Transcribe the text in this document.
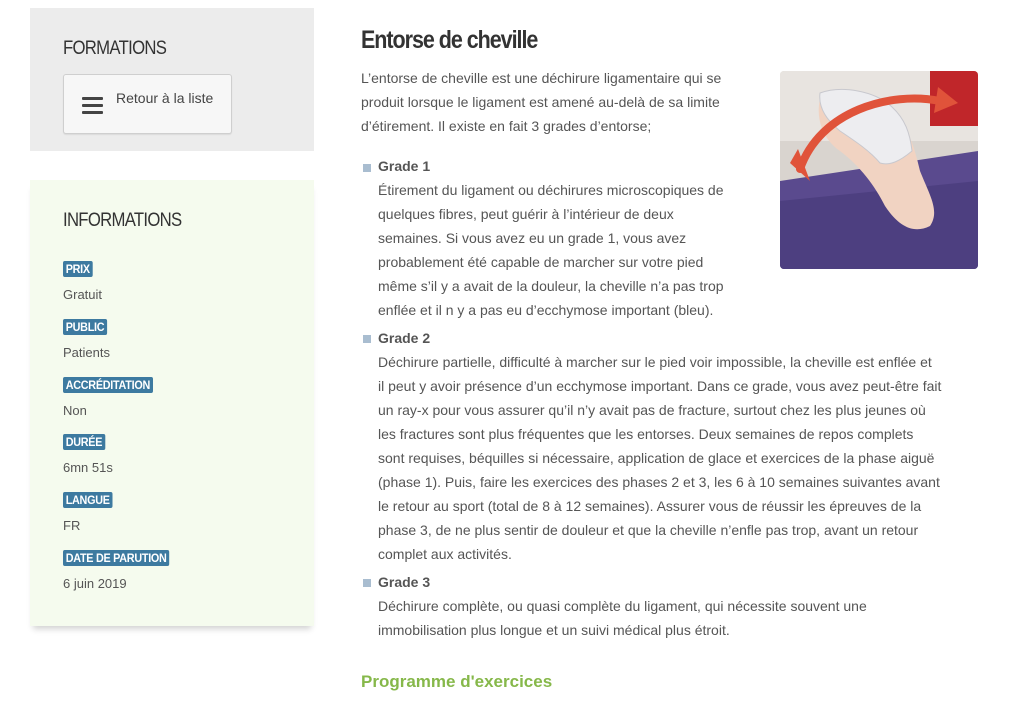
FORMATIONS
Retour à la liste
INFORMATIONS
PRIX
Gratuit
PUBLIC
Patients
ACCRÉDITATION
Non
DURÉE
6mn 51s
LANGUE
FR
DATE DE PARUTION
6 juin 2019
Entorse de cheville
L’entorse de cheville est une déchirure ligamentaire qui se
produit lorsque le ligament est amené au-delà de sa limite
d’étirement. Il existe en fait 3 grades d’entorse;
Grade 1
Étirement du ligament ou déchirures microscopiques de
quelques fibres, peut guérir à l’intérieur de deux
semaines. Si vous avez eu un grade 1, vous avez
probablement été capable de marcher sur votre pied
même s’il y a avait de la douleur, la cheville n’a pas trop
enflée et il n y a pas eu d’ecchymose important (bleu).
Grade 2
Déchirure partielle, difficulté à marcher sur le pied voir impossible, la cheville est enflée et
il peut y avoir présence d’un ecchymose important. Dans ce grade, vous avez peut-être fait
un ray-x pour vous assurer qu’il n’y avait pas de fracture, surtout chez les plus jeunes où
les fractures sont plus fréquentes que les entorses. Deux semaines de repos complets
sont requises, béquilles si nécessaire, application de glace et exercices de la phase aiguë
(phase 1). Puis, faire les exercices des phases 2 et 3, les 6 à 10 semaines suivantes avant
le retour au sport (total de 8 à 12 semaines). Assurer vous de réussir les épreuves de la
phase 3, de ne plus sentir de douleur et que la cheville n’enfle pas trop, avant un retour
complet aux activités.
Grade 3
Déchirure complète, ou quasi complète du ligament, qui nécessite souvent une
immobilisation plus longue et un suivi médical plus étroit.
Programme d'exercices
